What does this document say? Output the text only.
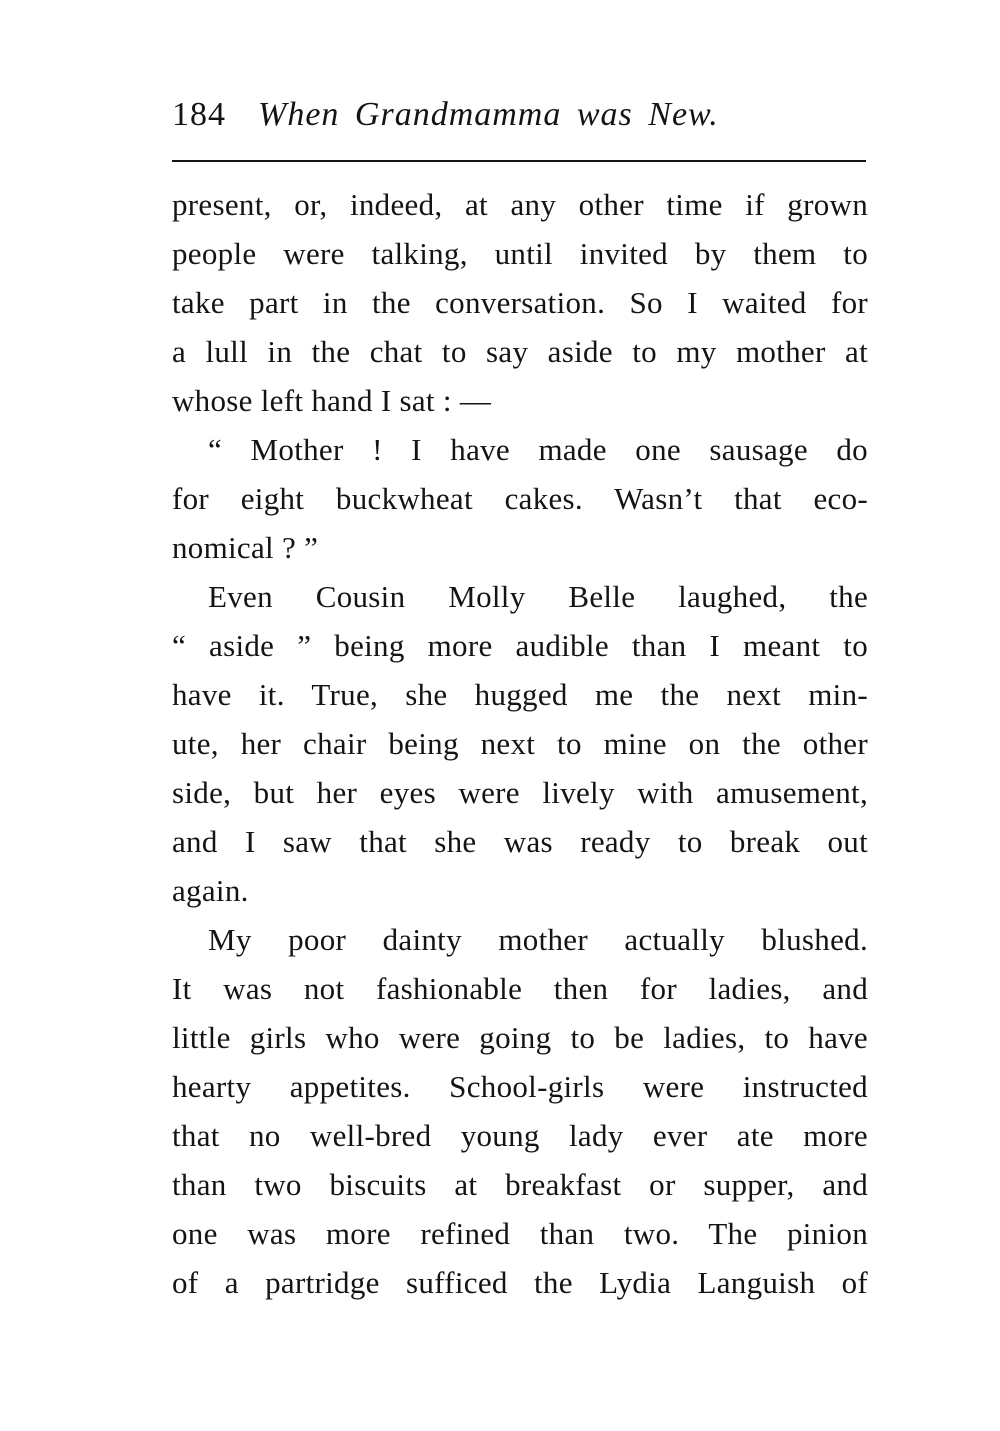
184 When Grandmamma was New.
present, or, indeed, at any other time if grown
people were talking, until invited by them to
take part in the conversation. So I waited for
a lull in the chat to say aside to my mother at
whose left hand I sat : —
“ Mother ! I have made one sausage do
for eight buckwheat cakes. Wasn’t that eco-
nomical ? ”
Even Cousin Molly Belle laughed, the
“ aside ” being more audible than I meant to
have it. True, she hugged me the next min-
ute, her chair being next to mine on the other
side, but her eyes were lively with amusement,
and I saw that she was ready to break out
again.
My poor dainty mother actually blushed.
It was not fashionable then for ladies, and
little girls who were going to be ladies, to have
hearty appetites. School-girls were instructed
that no well-bred young lady ever ate more
than two biscuits at breakfast or supper, and
one was more refined than two. The pinion
of a partridge sufficed the Lydia Languish of
